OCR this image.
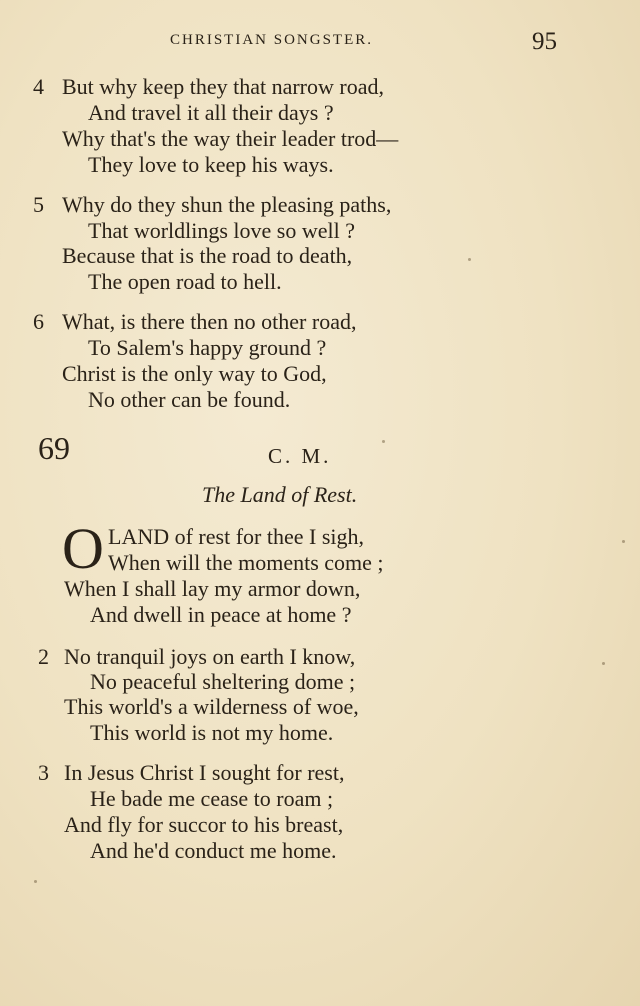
CHRISTIAN SONGSTER.	95
4 But why keep they that narrow road,
And travel it all their days ?
Why that's the way their leader trod—
They love to keep his ways.
5 Why do they shun the pleasing paths,
That worldlings love so well ?
Because that is the road to death,
The open road to hell.
6 What, is there then no other road,
To Salem's happy ground ?
Christ is the only way to God,
No other can be found.
69	C. M.
The Land of Rest.
O LAND of rest for thee I sigh,
When will the moments come ;
When I shall lay my armor down,
And dwell in peace at home ?
2 No tranquil joys on earth I know,
No peaceful sheltering dome ;
This world's a wilderness of woe,
This world is not my home.
3 In Jesus Christ I sought for rest,
He bade me cease to roam ;
And fly for succor to his breast,
And he'd conduct me home.
